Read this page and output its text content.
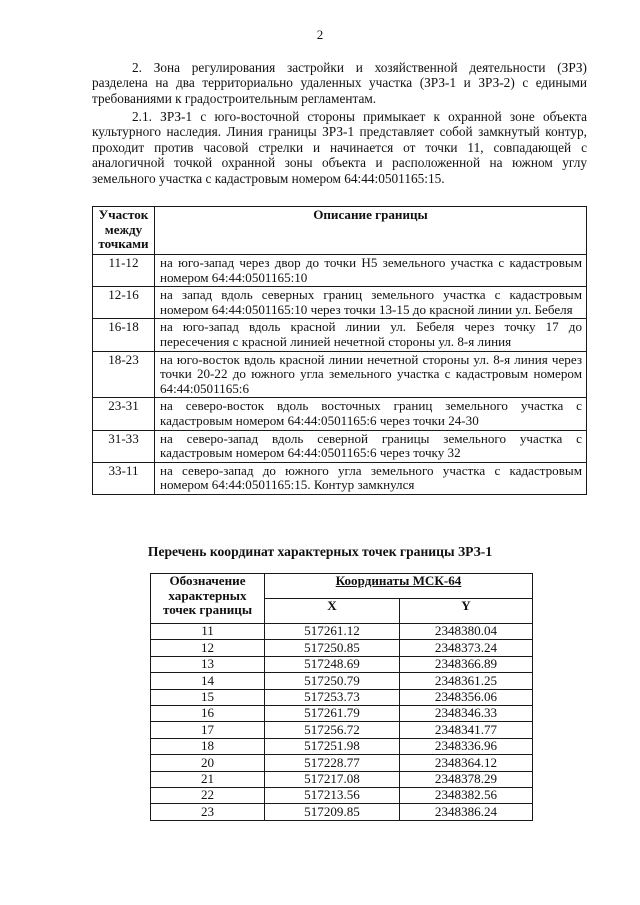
2
2. Зона регулирования застройки и хозяйственной деятельности (ЗРЗ) разделена на два территориально удаленных участка (ЗРЗ-1 и ЗРЗ-2) с едиными требованиями к градостроительным регламентам.
2.1. ЗРЗ-1 с юго-восточной стороны примыкает к охранной зоне объекта культурного наследия. Линия границы ЗРЗ-1 представляет собой замкнутый контур, проходит против часовой стрелки и начинается от точки 11, совпадающей с аналогичной точкой охранной зоны объекта и расположенной на южном углу земельного участка с кадастровым номером 64:44:0501165:15.
Участок между точками	Описание границы
11-12	на юго-запад через двор до точки Н5 земельного участка с кадастровым номером 64:44:0501165:10
12-16	на запад вдоль северных границ земельного участка с кадастровым номером 64:44:0501165:10 через точки 13-15 до красной линии ул. Бебеля
16-18	на юго-запад вдоль красной линии ул. Бебеля через точку 17 до пересечения с красной линией нечетной стороны ул. 8-я линия
18-23	на юго-восток вдоль красной линии нечетной стороны ул. 8-я линия через точки 20-22 до южного угла земельного участка с кадастровым номером 64:44:0501165:6
23-31	на северо-восток вдоль восточных границ земельного участка с кадастровым номером 64:44:0501165:6 через точки 24-30
31-33	на северо-запад вдоль северной границы земельного участка с кадастровым номером 64:44:0501165:6 через точку 32
33-11	на северо-запад до южного угла земельного участка с кадастровым номером 64:44:0501165:15. Контур замкнулся
Перечень координат характерных точек границы ЗРЗ-1
Обозначение характерных точек границы	Координаты МСК-64	
	X	Y
11	517261.12	2348380.04
12	517250.85	2348373.24
13	517248.69	2348366.89
14	517250.79	2348361.25
15	517253.73	2348356.06
16	517261.79	2348346.33
17	517256.72	2348341.77
18	517251.98	2348336.96
20	517228.77	2348364.12
21	517217.08	2348378.29
22	517213.56	2348382.56
23	517209.85	2348386.24
